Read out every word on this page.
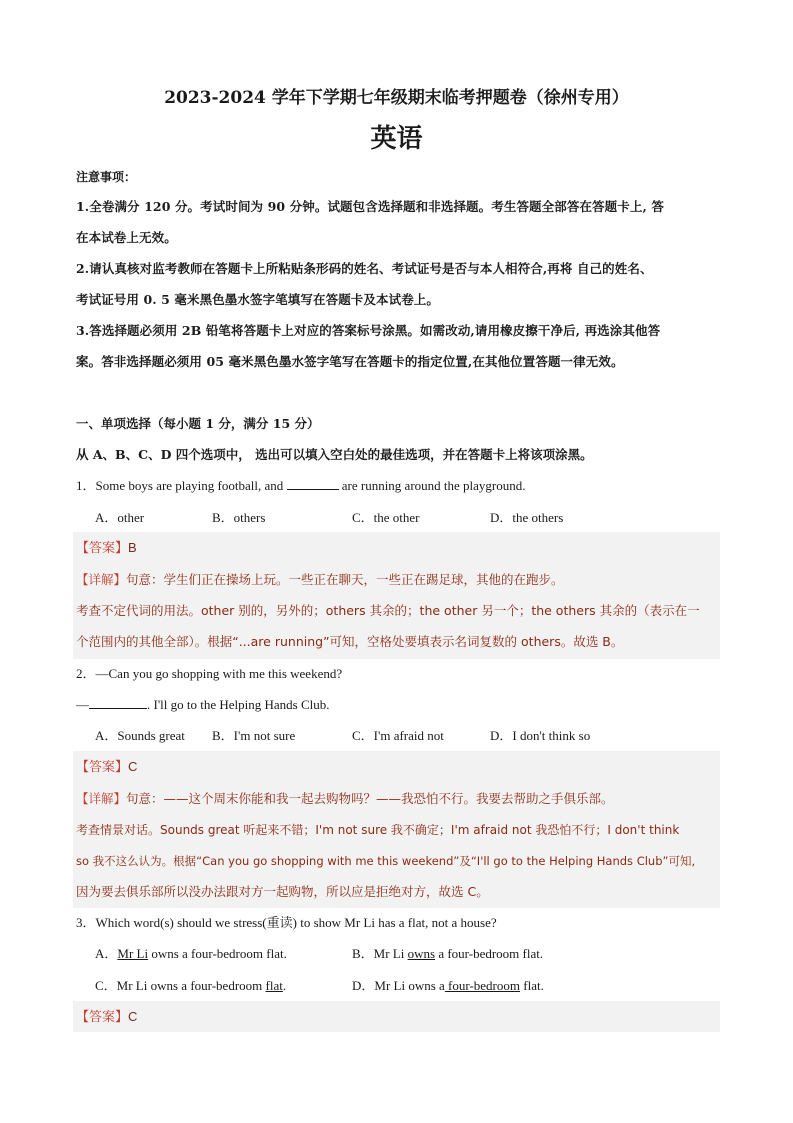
2023-2024 学年下学期七年级期末临考押题卷（徐州专用）
英语
注意事项：
1.全卷满分 120 分。考试时间为 90 分钟。试题包含选择题和非选择题。考生答题全部答在答题卡上, 答
在本试卷上无效。
2.请认真核对监考教师在答题卡上所粘贴条形码的姓名、考试证号是否与本人相符合,再将 自己的姓名、
考试证号用 0. 5 毫米黑色墨水签字笔填写在答题卡及本试卷上。
3.答选择题必须用 2B 铅笔将答题卡上对应的答案标号涂黑。如需改动,请用橡皮擦干净后, 再选涂其他答
案。答非选择题必须用 05 毫米黑色墨水签字笔写在答题卡的指定位置,在其他位置答题一律无效。
一、单项选择（每小题 1 分，满分 15 分）
从 A、B、C、D 四个选项中， 选出可以填入空白处的最佳选项，并在答题卡上将该项涂黑。
1．Some boys are playing football, and	are running around the playground.
A．other	B．others	C．the other	D．the others
【答案】B
【详解】句意：学生们正在操场上玩。一些正在聊天，一些正在踢足球，其他的在跑步。
考查不定代词的用法。other 别的，另外的；others 其余的；the other 另一个；the others 其余的（表示在一
个范围内的其他全部）。根据“...are running”可知，空格处要填表示名词复数的 others。故选 B。
2．—Can you go shopping with me this weekend?
—	. I'll go to the Helping Hands Club.
A．Sounds great B．I'm not sure	C．I'm afraid not	D．I don't think so
【答案】C
【详解】句意：——这个周末你能和我一起去购物吗？——我恐怕不行。我要去帮助之手俱乐部。
考查情景对话。Sounds great 听起来不错；I'm not sure 我不确定；I'm afraid not 我恐怕不行；I don't think
so 我不这么认为。根据“Can you go shopping with me this weekend”及“I'll go to the Helping Hands Club”可知,
因为要去俱乐部所以没办法跟对方一起购物，所以应是拒绝对方，故选 C。
3．Which word(s) should we stress(重读) to show Mr Li has a flat, not a house?
A．Mr Li owns a four-bedroom flat.	B．Mr Li owns a four-bedroom flat.
C．Mr Li owns a four-bedroom flat.	D．Mr Li owns a four-bedroom flat.
【答案】C
